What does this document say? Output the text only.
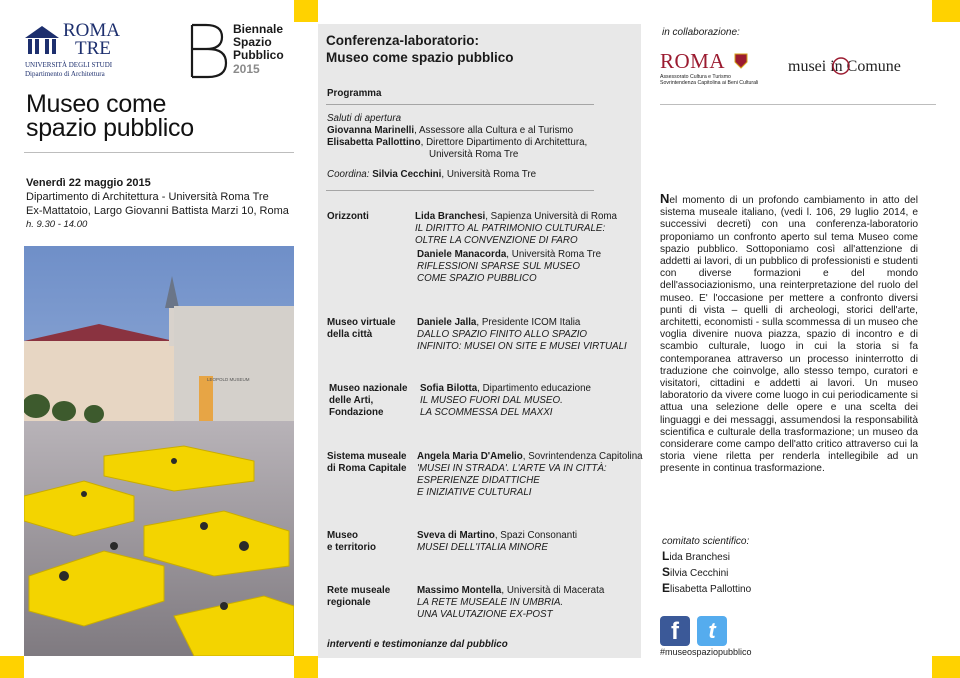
ROMA
TRE
UNIVERSITÀ DEGLI STUDI
Dipartimento di Architettura
Biennale
Spazio
Pubblico
2015
Museo come
spazio pubblico
Venerdì 22 maggio 2015
Dipartimento di Architettura - Università Roma Tre
Ex-Mattatoio, Largo Giovanni Battista Marzi 10, Roma
h. 9.30 - 14.00
LEOPOLD MUSEUM
Conferenza-laboratorio:
Museo come spazio pubblico
Programma
Saluti di apertura
Giovanna Marinelli, Assessore alla Cultura e al Turismo
Elisabetta Pallottino, Direttore Dipartimento di Architettura,
Università Roma Tre
Coordina: Silvia Cecchini, Università Roma Tre
Orizzonti	Lida Branchesi, Sapienza Università di Roma
IL DIRITTO AL PATRIMONIO CULTURALE:
OLTRE LA CONVENZIONE DI FARO
Daniele Manacorda, Università Roma Tre
RIFLESSIONI SPARSE SUL MUSEO
COME SPAZIO PUBBLICO
Museo virtuale
della città
Daniele Jalla, Presidente ICOM Italia
DALLO SPAZIO FINITO ALLO SPAZIO
INFINITO: MUSEI ON SITE E MUSEI VIRTUALI
Museo nazionale
delle Arti,
Fondazione
Sofia Bilotta, Dipartimento educazione
IL MUSEO FUORI DAL MUSEO.
LA SCOMMESSA DEL MAXXI
Sistema museale
di Roma Capitale
Angela Maria D'Amelio, Sovrintendenza Capitolina
'MUSEI IN STRADA'. L'ARTE VA IN CITTÀ:
ESPERIENZE DIDATTICHE
E INIZIATIVE CULTURALI
Museo
e territorio
Sveva di Martino, Spazi Consonanti
MUSEI DELL'ITALIA MINORE
Rete museale
regionale
Massimo Montella, Università di Macerata
LA RETE MUSEALE IN UMBRIA.
UNA VALUTAZIONE EX-POST
interventi e testimonianze dal pubblico
in collaborazione:
ROMA
Assessorato Cultura e Turismo
Sovrintendenza Capitolina ai Beni Culturali
musei in Comune
Nel momento di un profondo cambiamento in atto del sistema museale italiano, (vedi l. 106, 29 luglio 2014, e successivi decreti) con una conferenza-laboratorio proponiamo un confronto aperto sul tema Museo come spazio pubblico. Sottoponiamo così all'attenzione di addetti ai lavori, di un pubblico di professionisti e studenti con diverse formazioni e del mondo dell'associazionismo, una reinterpretazione del ruolo del museo. E' l'occasione per mettere a confronto diversi punti di vista – quelli di archeologi, storici dell'arte, architetti, economisti - sulla scommessa di un museo che voglia divenire nuova piazza, spazio di incontro e di scambio culturale, luogo in cui la storia si fa contemporanea attraverso un processo ininterrotto di traduzione che coinvolge, allo stesso tempo, curatori e visitatori, cittadini e addetti ai lavori. Un museo laboratorio da vivere come luogo in cui periodicamente si attua una selezione delle opere e una scelta dei linguaggi e dei messaggi, assumendosi la responsabilità scientifica e culturale della trasformazione; un museo da considerare come campo dell'atto critico attraverso cui la storia viene riletta per renderla intellegibile ad un presente in continua trasformazione.
comitato scientifico:
Lida Branchesi
Silvia Cecchini
Elisabetta Pallottino
f	t
#museospaziopubblico
